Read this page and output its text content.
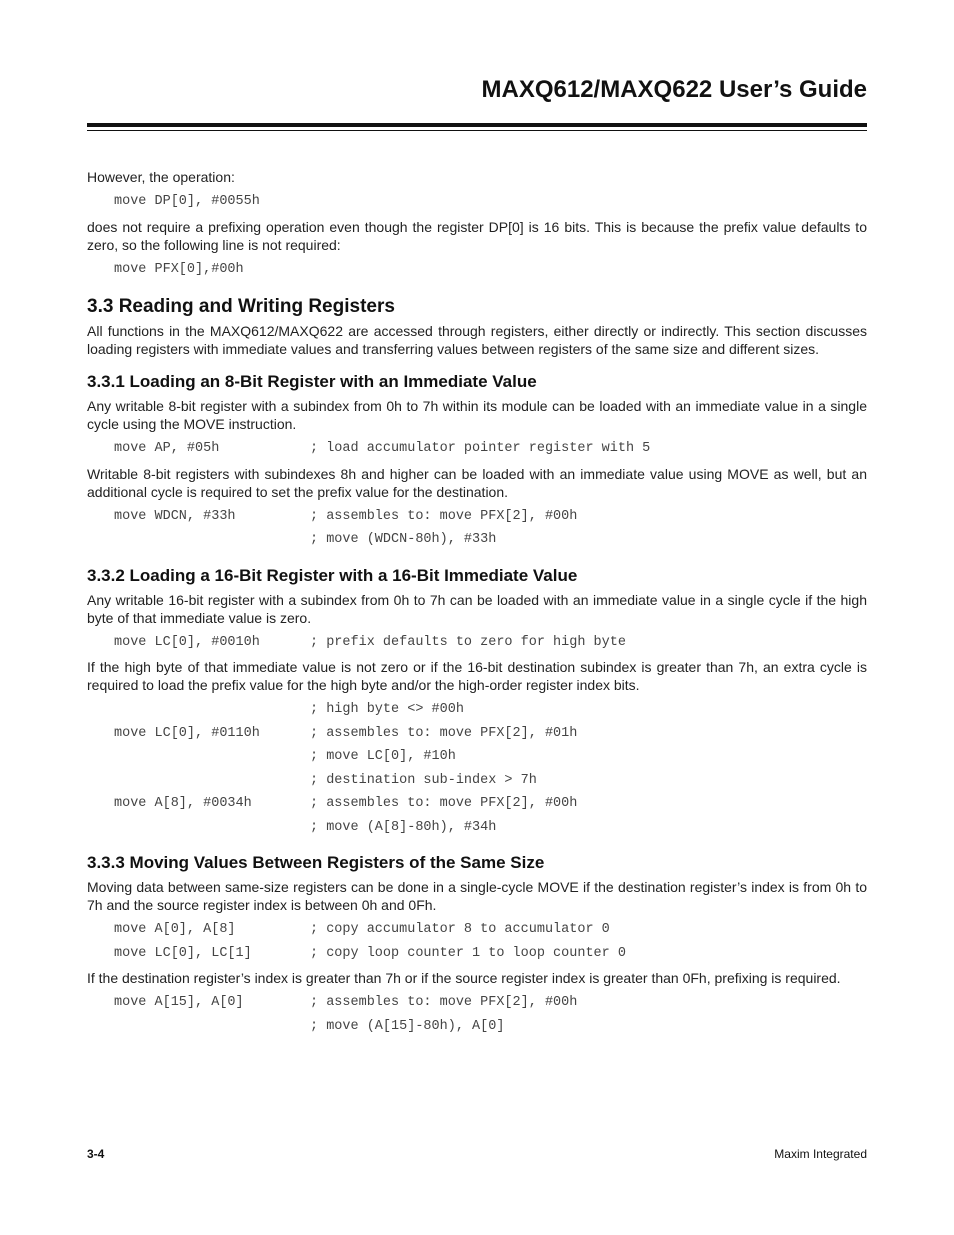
MAXQ612/MAXQ622 User’s Guide

However, the operation:

move DP[0], #0055h

does not require a prefixing operation even though the register DP[0] is 16 bits. This is because the prefix value defaults to zero, so the following line is not required:

move PFX[0],#00h
3.3 Reading and Writing Registers

All functions in the MAXQ612/MAXQ622 are accessed through registers, either directly or indirectly. This section discusses loading registers with immediate values and transferring values between registers of the same size and different sizes.

3.3.1 Loading an 8-Bit Register with an Immediate Value

Any writable 8-bit register with a subindex from 0h to 7h within its module can be loaded with an immediate value in a single cycle using the MOVE instruction.

move AP, #05h	; load accumulator pointer register with 5

Writable 8-bit registers with subindexes 8h and higher can be loaded with an immediate value using MOVE as well, but an additional cycle is required to set the prefix value for the destination.

move WDCN, #33h	; assembles to: move PFX[2], #00h
; move (WDCN-80h), #33h
3.3.2 Loading a 16-Bit Register with a 16-Bit Immediate Value

Any writable 16-bit register with a subindex from 0h to 7h can be loaded with an immediate value in a single cycle if the high byte of that immediate value is zero.

move LC[0], #0010h	; prefix defaults to zero for high byte

If the high byte of that immediate value is not zero or if the 16-bit destination subindex is greater than 7h, an extra cycle is required to load the prefix value for the high byte and/or the high-order register index bits.

; high byte <> #00h
move LC[0], #0110h	; assembles to: move PFX[2], #01h
; move LC[0], #10h
; destination sub-index > 7h
move A[8], #0034h	; assembles to: move PFX[2], #00h
; move (A[8]-80h), #34h
3.3.3 Moving Values Between Registers of the Same Size

Moving data between same-size registers can be done in a single-cycle MOVE if the destination register’s index is from 0h to 7h and the source register index is between 0h and 0Fh.

move A[0], A[8]	; copy accumulator 8 to accumulator 0
move LC[0], LC[1]	; copy loop counter 1 to loop counter 0

If the destination register’s index is greater than 7h or if the source register index is greater than 0Fh, prefixing is required.

move A[15], A[0]	; assembles to: move PFX[2], #00h
; move (A[15]-80h), A[0]
3-4	Maxim Integrated
